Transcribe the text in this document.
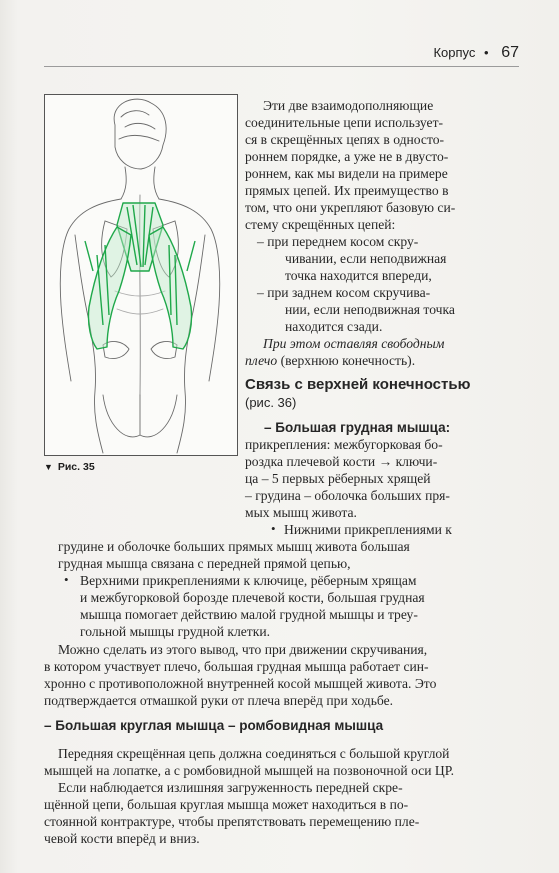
Корпус • 67
▼ Рис. 35
Эти две взаимодополняющие
соединительные цепи использует-
ся в скрещённых цепях в односто-
роннем порядке, а уже не в двусто-
роннем, как мы видели на примере
прямых цепей. Их преимущество в
том, что они укрепляют базовую си-
стему скрещённых цепей:
– при переднем косом скру-
чивании, если неподвижная
точка находится впереди,
– при заднем косом скручива-
нии, если неподвижная точка
находится сзади.
При этом оставляя свободным
плечо (верхнюю конечность).
Связь с верхней конечностью
(рис. 36)
– Большая грудная мышца:
прикрепления: межбугорковая бо-
роздка плечевой кости → ключи-
ца – 5 первых рёберных хрящей
– грудина – оболочка больших пря-
мых мышц живота.
• Нижними прикреплениями к
грудине и оболочке больших прямых мышц живота большая
грудная мышца связана с передней прямой цепью,
• Верхними прикреплениями к ключице, рёберным хрящам
и межбугорковой борозде плечевой кости, большая грудная
мышца помогает действию малой грудной мышцы и треу-
гольной мышцы грудной клетки.
Можно сделать из этого вывод, что при движении скручивания,
в котором участвует плечо, большая грудная мышца работает син-
хронно с противоположной внутренней косой мышцей живота. Это
подтверждается отмашкой руки от плеча вперёд при ходьбе.
– Большая круглая мышца – ромбовидная мышца
Передняя скрещённая цепь должна соединяться с большой круглой
мышцей на лопатке, а с ромбовидной мышцей на позвоночной оси ЦР.
Если наблюдается излишняя загруженность передней скре-
щённой цепи, большая круглая мышца может находиться в по-
стоянной контрактуре, чтобы препятствовать перемещению пле-
чевой кости вперёд и вниз.
